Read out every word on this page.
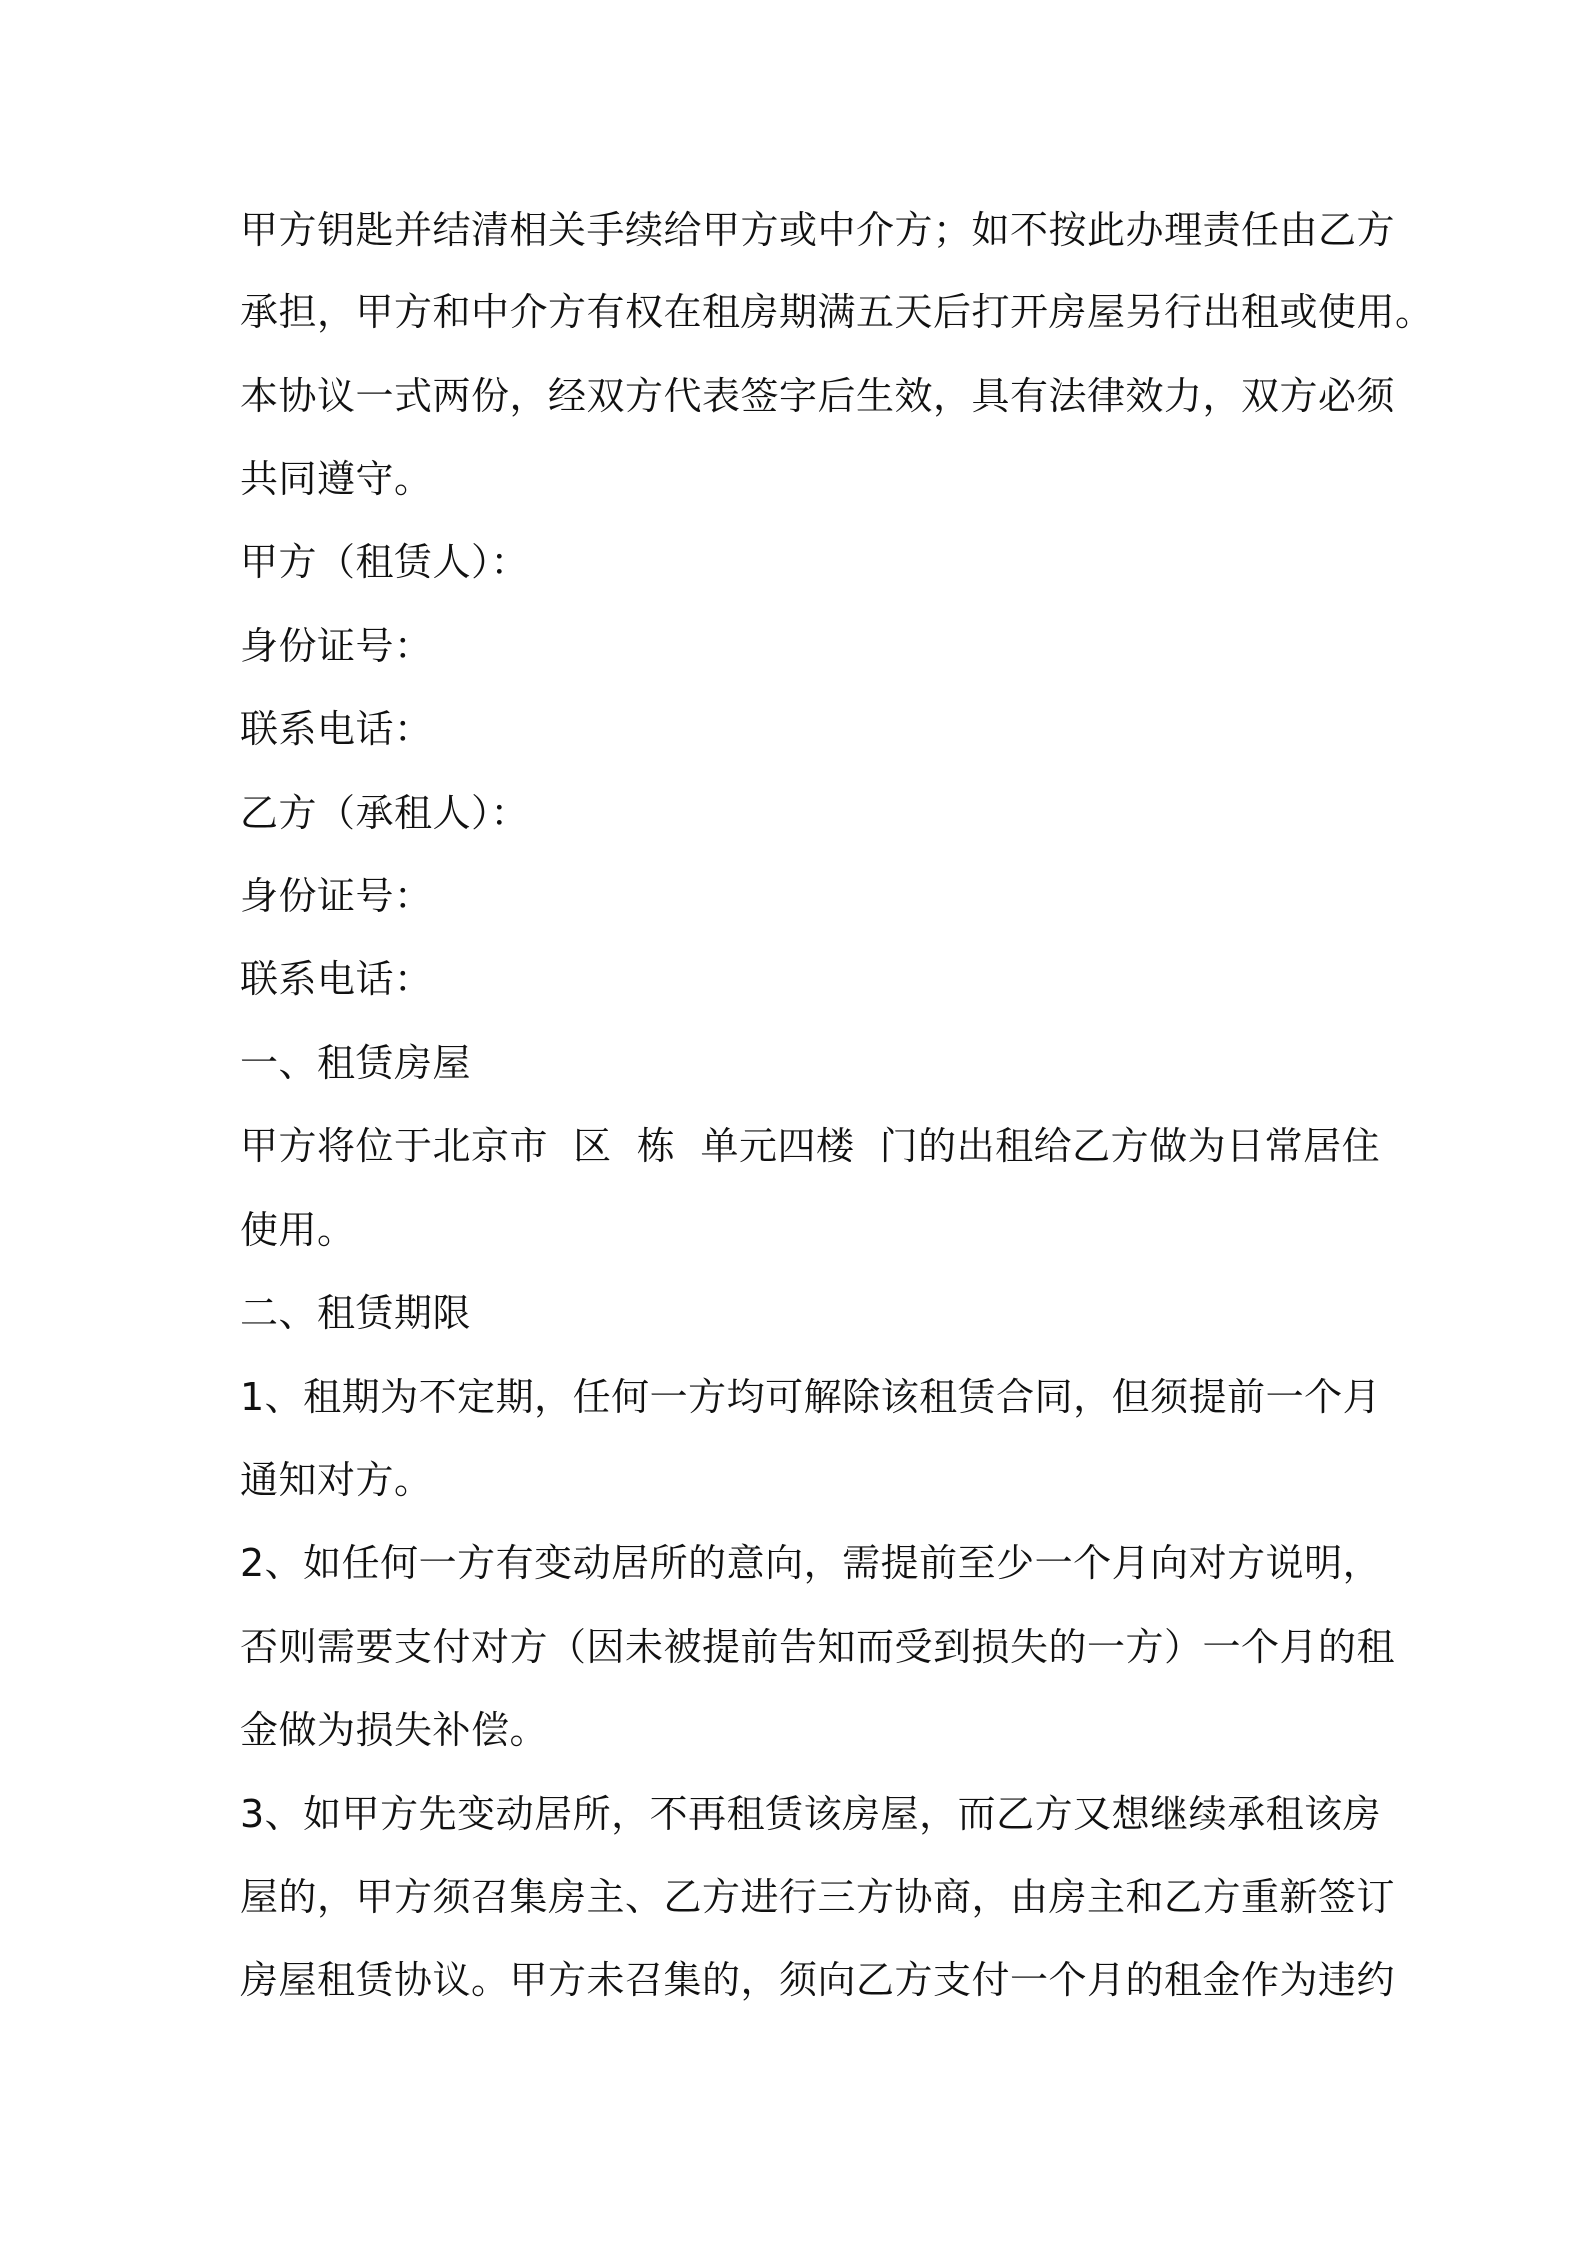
甲方钥匙并结清相关手续给甲方或中介方；如不按此办理责任由乙方
承担，甲方和中介方有权在租房期满五天后打开房屋另行出租或使用。
本协议一式两份，经双方代表签字后生效，具有法律效力，双方必须
共同遵守。
甲方（租赁人）：
身份证号：
联系电话：
乙方（承租人）：
身份证号：
联系电话：
一、租赁房屋
甲方将位于北京市  区  栋  单元四楼  门的出租给乙方做为日常居住
使用。
二、租赁期限
1、租期为不定期，任何一方均可解除该租赁合同，但须提前一个月
通知对方。
2、如任何一方有变动居所的意向，需提前至少一个月向对方说明，
否则需要支付对方（因未被提前告知而受到损失的一方）一个月的租
金做为损失补偿。
3、如甲方先变动居所，不再租赁该房屋，而乙方又想继续承租该房
屋的，甲方须召集房主、乙方进行三方协商，由房主和乙方重新签订
房屋租赁协议。甲方未召集的，须向乙方支付一个月的租金作为违约
